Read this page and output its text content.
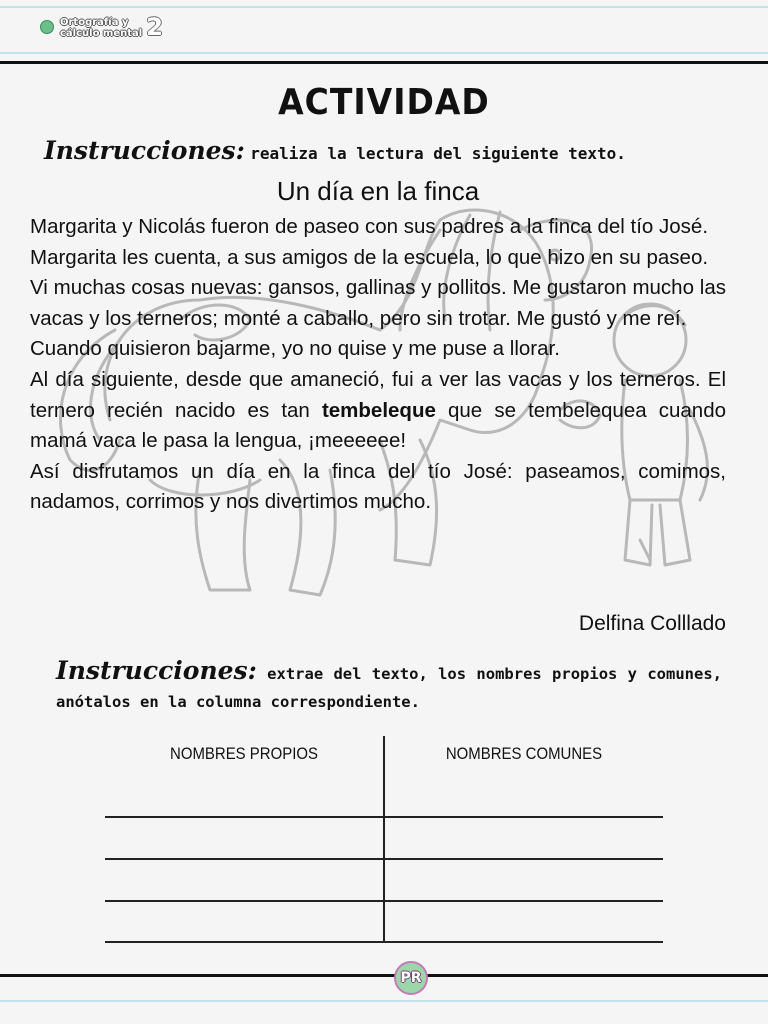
Ortografía y
cálculo mental 2
ACTIVIDAD
Instrucciones: realiza la lectura del siguiente texto.
Un día en la finca

Margarita y Nicolás fueron de paseo con sus padres a la finca del tío José.

Margarita les cuenta, a sus amigos de la escuela, lo que hizo en su paseo.

Vi muchas cosas nuevas: gansos, gallinas y pollitos. Me gustaron mucho las vacas y los terneros; monté a caballo, pero sin trotar. Me gustó y me reí.

Cuando quisieron bajarme, yo no quise y me puse a llorar.

Al día siguiente, desde que amaneció, fui a ver las vacas y los terneros. El ternero recién nacido es tan tembeleque que se tembelequea cuando mamá vaca le pasa la lengua, ¡meeeeee!

Así disfrutamos un día en la finca del tío José: paseamos, comimos, nadamos, corrimos y nos divertimos mucho.

Delfina Colllado
Instrucciones: extrae del texto, los nombres propios y comunes, anótalos en la columna correspondiente.
NOMBRES PROPIOS	NOMBRES COMUNES
PR
